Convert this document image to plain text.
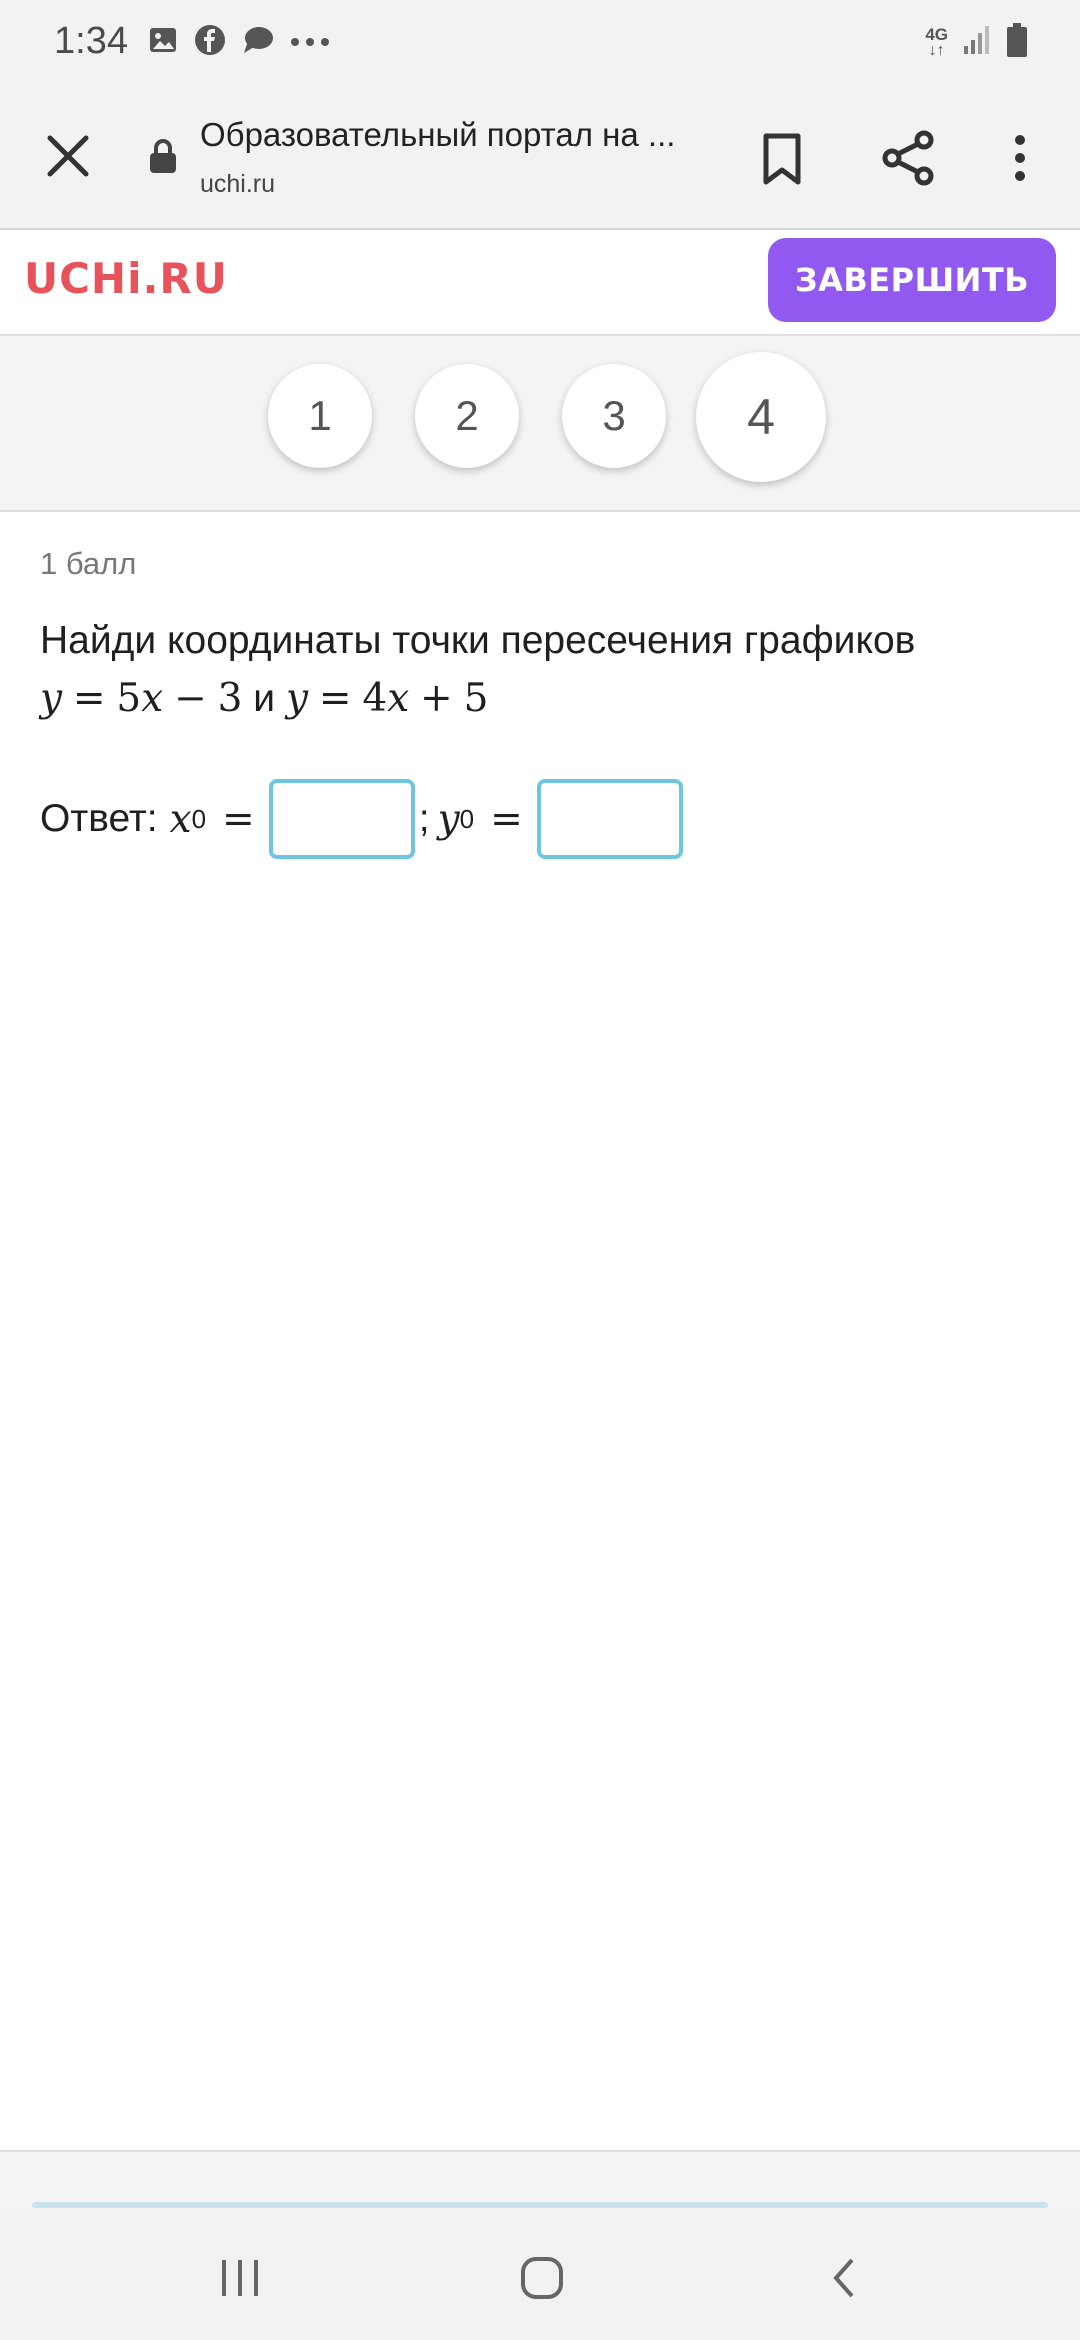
1:34	4G
↓↑
Образовательный портал на ...
uchi.ru
UCHi.RU	ЗАВЕРШИТЬ
1	2	3	4
1 балл
Найди координаты точки пересечения графиков
y = 5x − 3 и y = 4x + 5
Ответ: x 0 =	; y 0 =
